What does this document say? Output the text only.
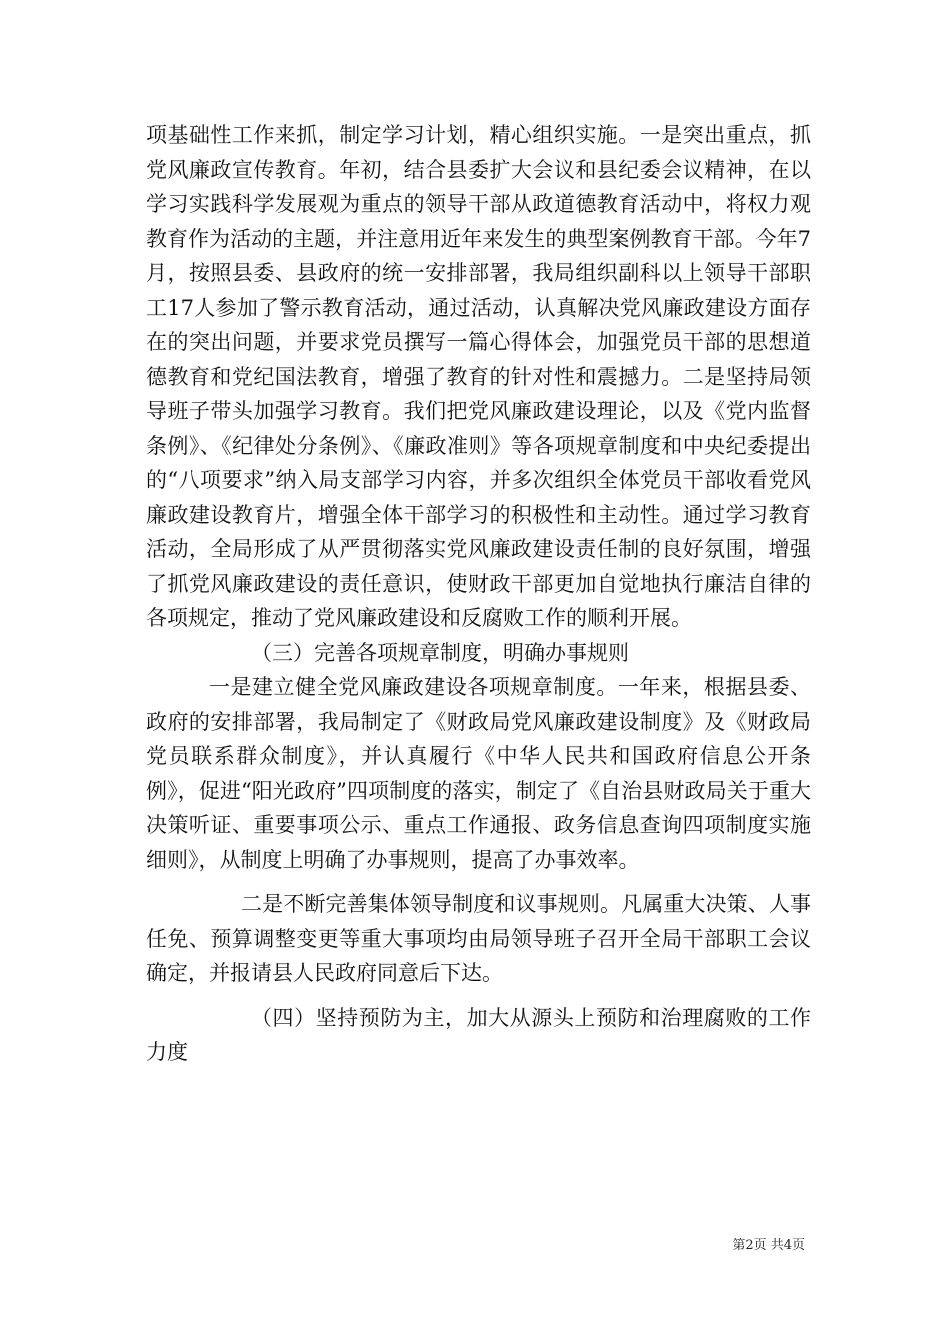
项基础性工作来抓，制定学习计划，精心组织实施。一是突出重点，抓党风廉政宣传教育。年初，结合县委扩大会议和县纪委会议精神，在以学习实践科学发展观为重点的领导干部从政道德教育活动中，将权力观教育作为活动的主题，并注意用近年来发生的典型案例教育干部。今年7月，按照县委、县政府的统一安排部署，我局组织副科以上领导干部职工17人参加了警示教育活动，通过活动，认真解决党风廉政建设方面存在的突出问题，并要求党员撰写一篇心得体会，加强党员干部的思想道德教育和党纪国法教育，增强了教育的针对性和震撼力。二是坚持局领导班子带头加强学习教育。我们把党风廉政建设理论，以及《党内监督条例》、《纪律处分条例》、《廉政准则》等各项规章制度和中央纪委提出的“八项要求”纳入局支部学习内容，并多次组织全体党员干部收看党风廉政建设教育片，增强全体干部学习的积极性和主动性。通过学习教育活动，全局形成了从严贯彻落实党风廉政建设责任制的良好氛围，增强了抓党风廉政建设的责任意识，使财政干部更加自觉地执行廉洁自律的各项规定，推动了党风廉政建设和反腐败工作的顺利开展。

（三）完善各项规章制度，明确办事规则

一是建立健全党风廉政建设各项规章制度。一年来，根据县委、政府的安排部署，我局制定了《财政局党风廉政建设制度》及《财政局党员联系群众制度》，并认真履行《中华人民共和国政府信息公开条例》，促进“阳光政府”四项制度的落实，制定了《自治县财政局关于重大决策听证、重要事项公示、重点工作通报、政务信息查询四项制度实施细则》，从制度上明确了办事规则，提高了办事效率。

二是不断完善集体领导制度和议事规则。凡属重大决策、人事任免、预算调整变更等重大事项均由局领导班子召开全局干部职工会议确定，并报请县人民政府同意后下达。

（四）坚持预防为主，加大从源头上预防和治理腐败的工作力度

第2页 共4页
